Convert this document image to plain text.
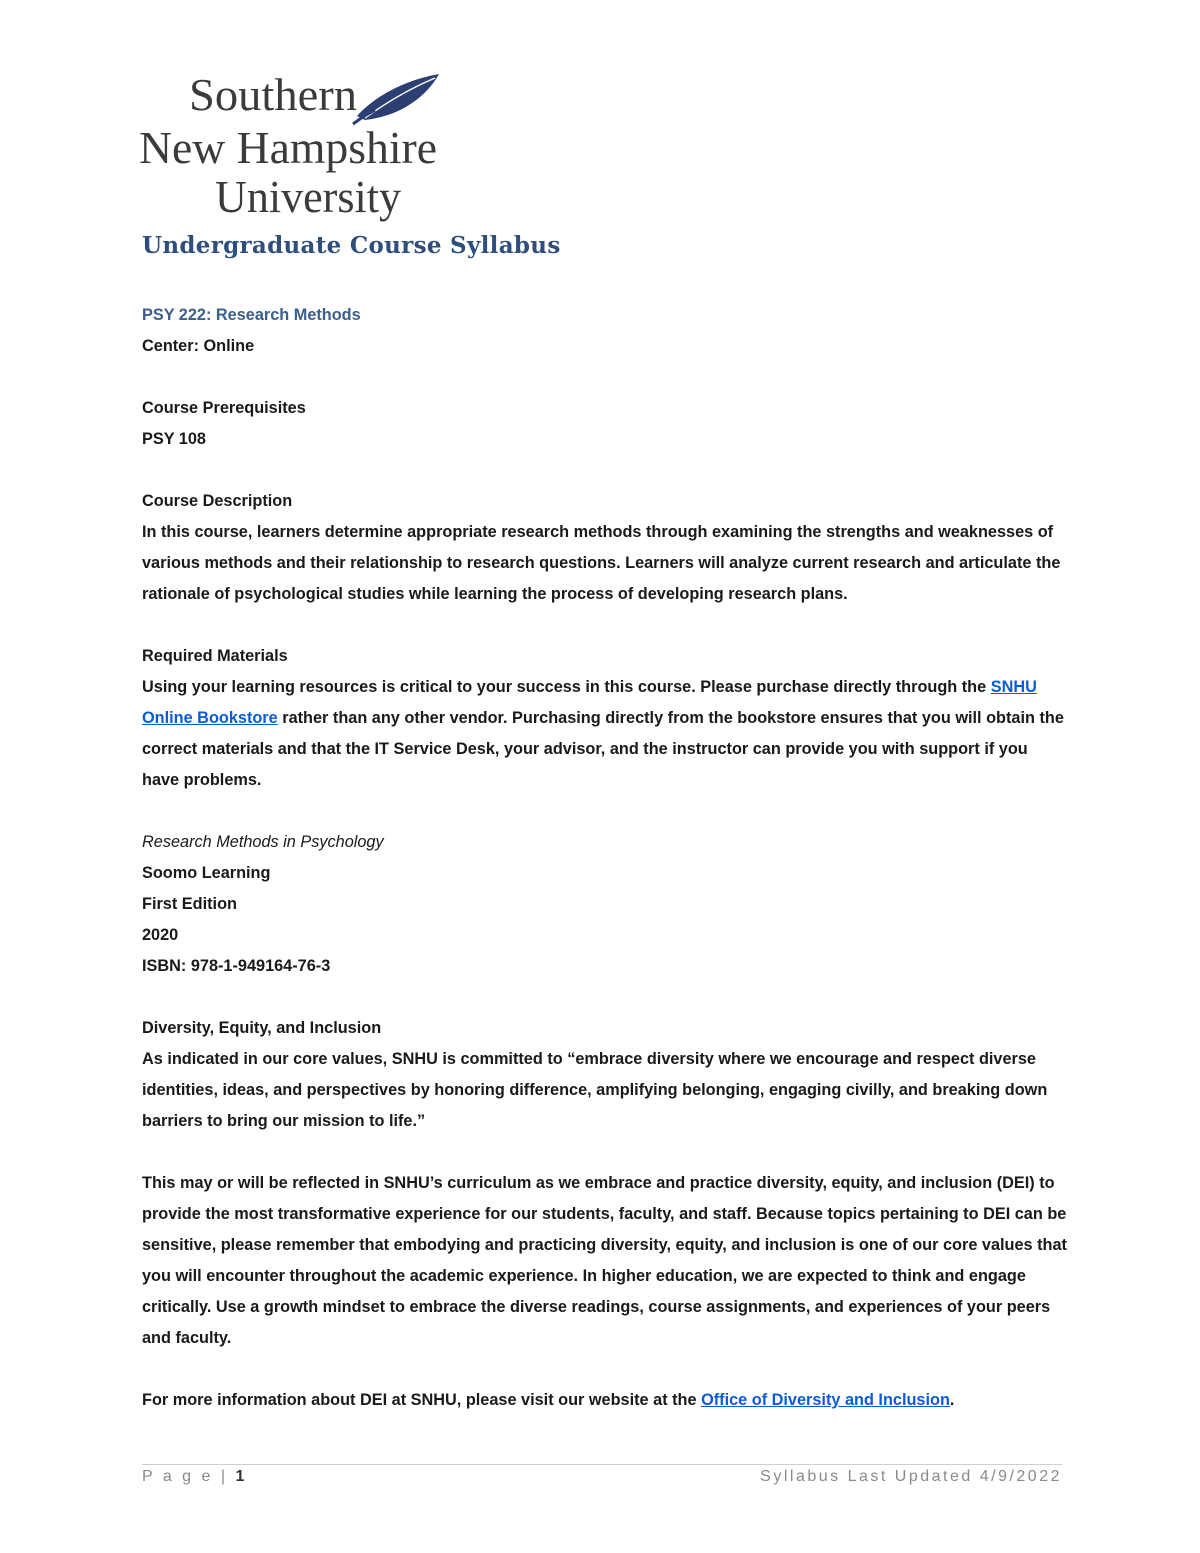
Southern
New Hampshire
University
Undergraduate Course Syllabus

PSY 222: Research Methods

Center: Online

Course Prerequisites

PSY 108

Course Description

In this course, learners determine appropriate research methods through examining the strengths and weaknesses of various methods and their relationship to research questions. Learners will analyze current research and articulate the rationale of psychological studies while learning the process of developing research plans.

Required Materials

Using your learning resources is critical to your success in this course. Please purchase directly through the SNHU Online Bookstore rather than any other vendor. Purchasing directly from the bookstore ensures that you will obtain the correct materials and that the IT Service Desk, your advisor, and the instructor can provide you with support if you have problems.

Research Methods in Psychology

Soomo Learning

First Edition

2020

ISBN: 978-1-949164-76-3

Diversity, Equity, and Inclusion

As indicated in our core values, SNHU is committed to “embrace diversity where we encourage and respect diverse identities, ideas, and perspectives by honoring difference, amplifying belonging, engaging civilly, and breaking down barriers to bring our mission to life.”

This may or will be reflected in SNHU’s curriculum as we embrace and practice diversity, equity, and inclusion (DEI) to provide the most transformative experience for our students, faculty, and staff. Because topics pertaining to DEI can be sensitive, please remember that embodying and practicing diversity, equity, and inclusion is one of our core values that you will encounter throughout the academic experience. In higher education, we are expected to think and engage critically. Use a growth mindset to embrace the diverse readings, course assignments, and experiences of your peers and faculty.

For more information about DEI at SNHU, please visit our website at the Office of Diversity and Inclusion.

P a g e | 1	Syllabus Last Updated 4/9/2022
